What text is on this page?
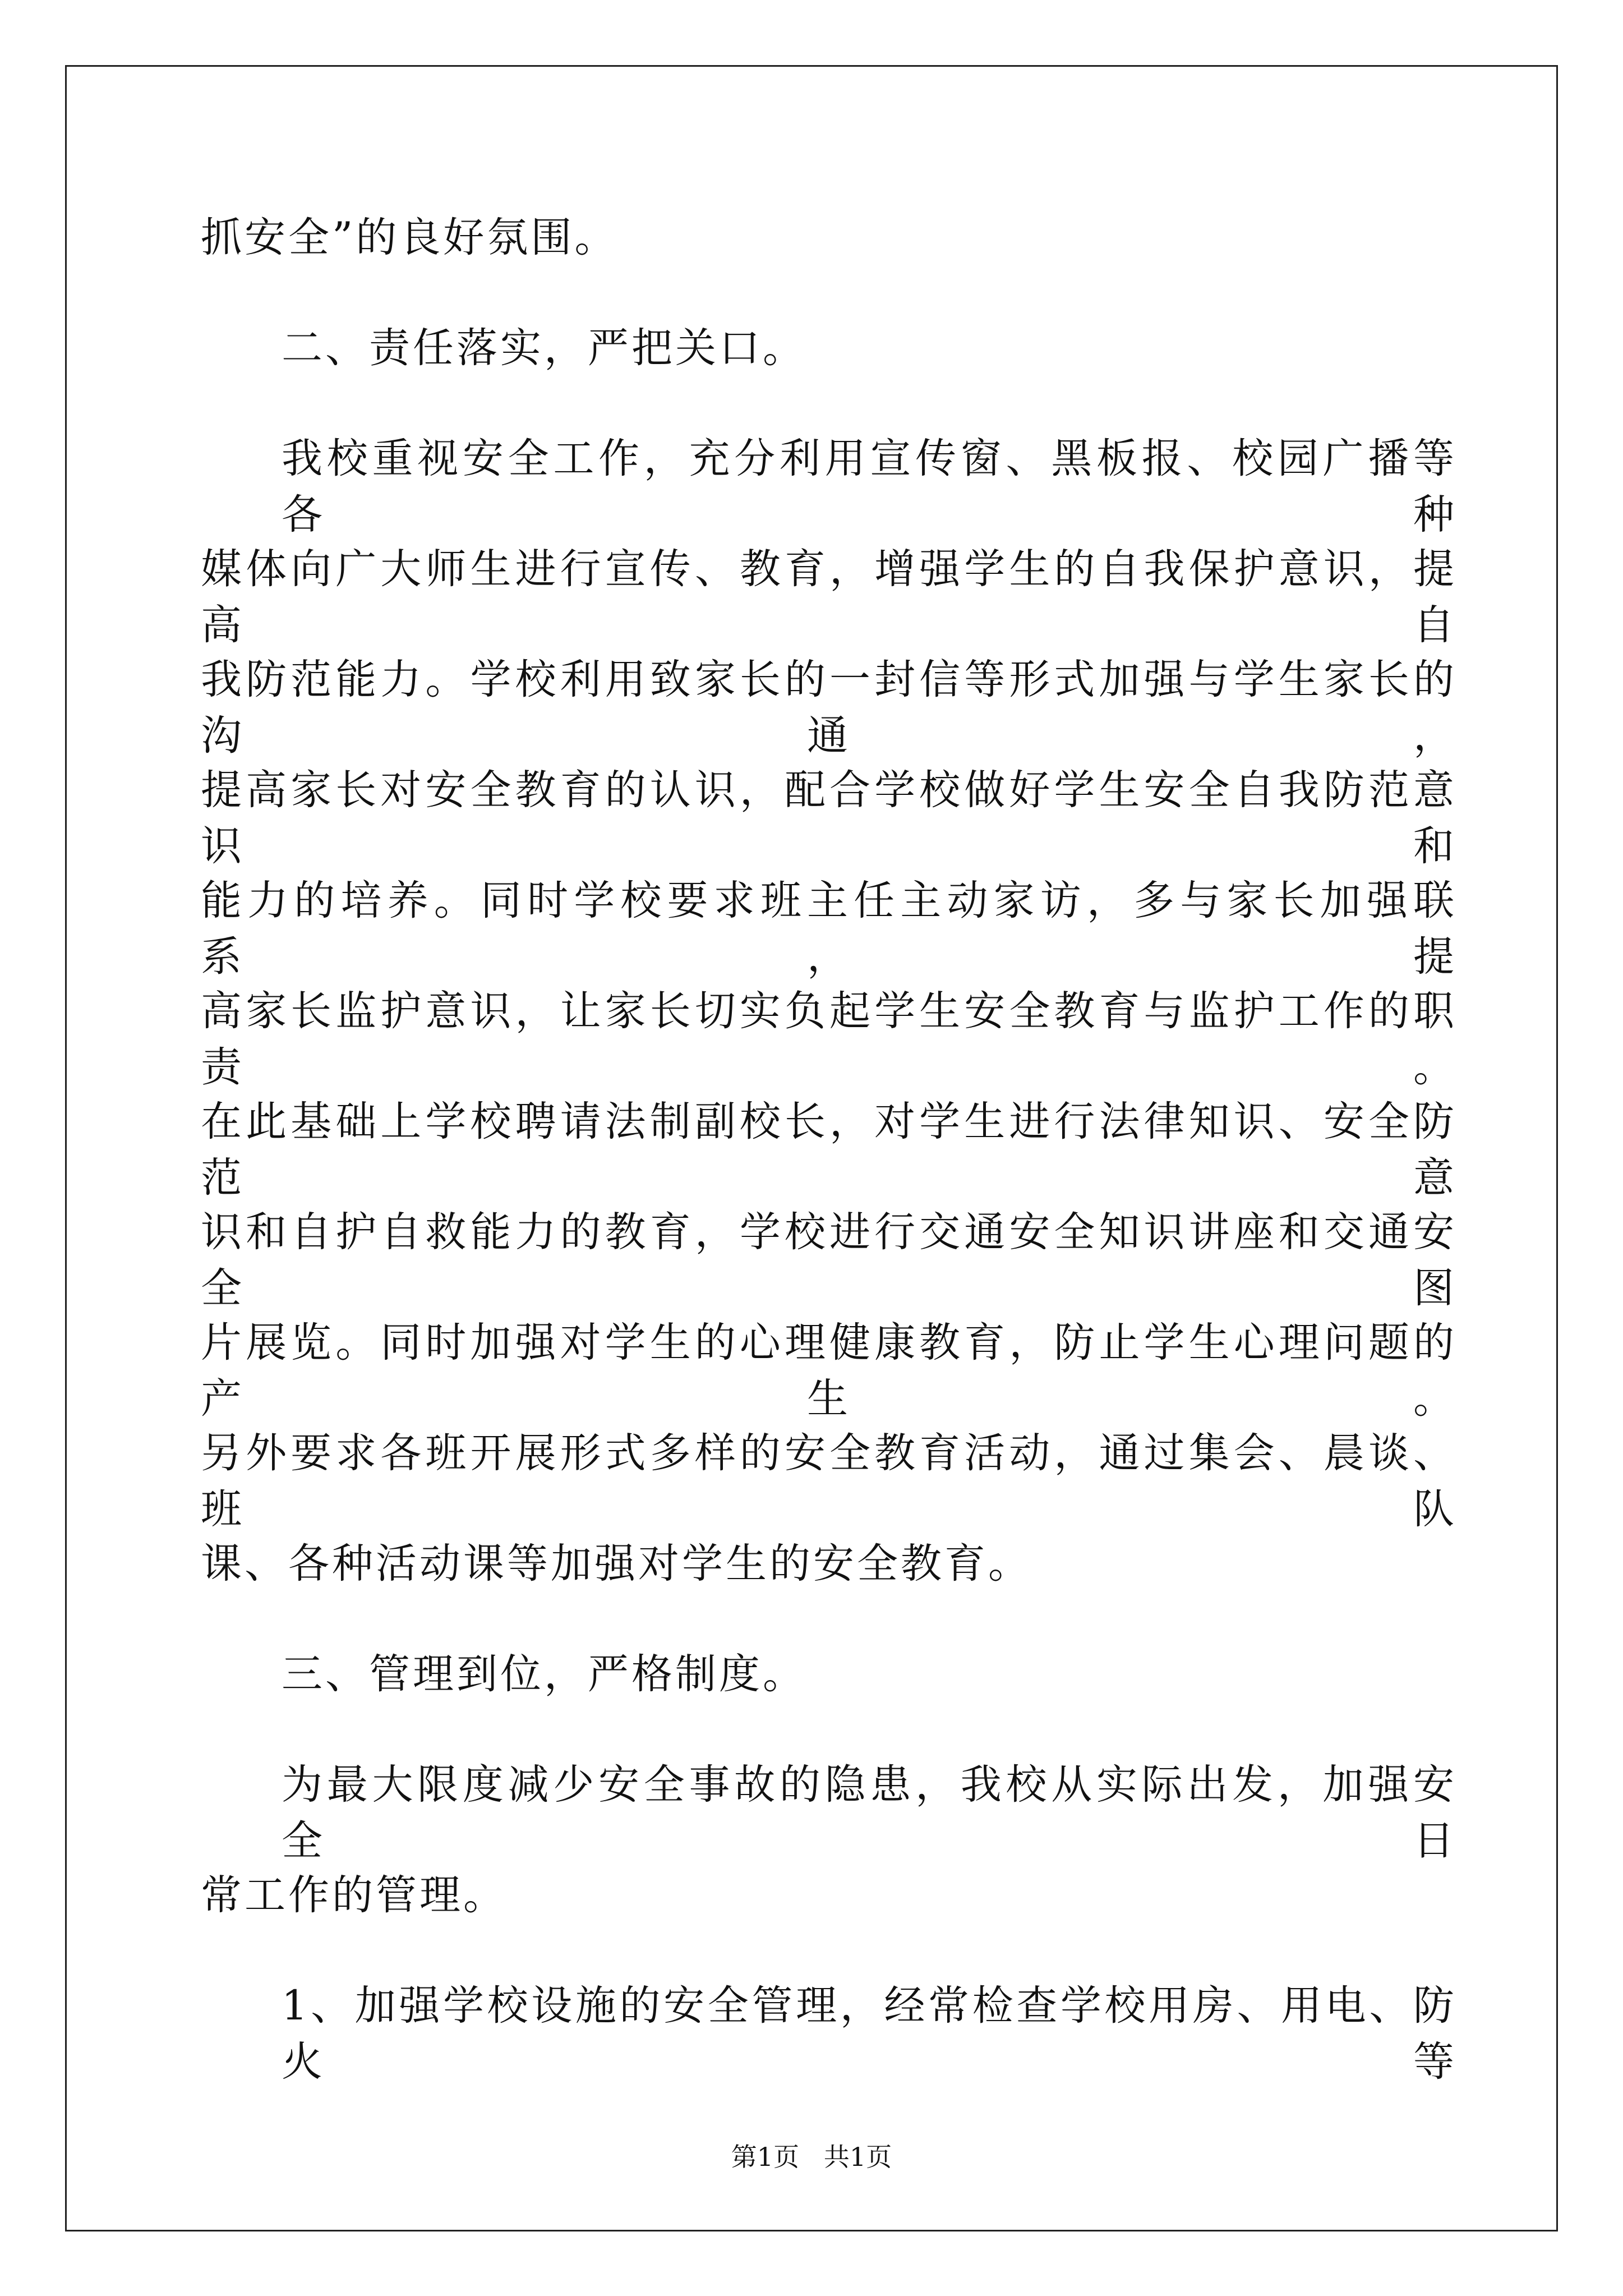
抓安全”的良好氛围。
二、责任落实，严把关口。
我校重视安全工作，充分利用宣传窗、黑板报、校园广播等各种
媒体向广大师生进行宣传、教育，增强学生的自我保护意识，提高自
我防范能力。学校利用致家长的一封信等形式加强与学生家长的沟通，
提高家长对安全教育的认识，配合学校做好学生安全自我防范意识和
能力的培养。同时学校要求班主任主动家访，多与家长加强联系，提
高家长监护意识，让家长切实负起学生安全教育与监护工作的职责。
在此基础上学校聘请法制副校长，对学生进行法律知识、安全防范意
识和自护自救能力的教育，学校进行交通安全知识讲座和交通安全图
片展览。同时加强对学生的心理健康教育，防止学生心理问题的产生。
另外要求各班开展形式多样的安全教育活动，通过集会、晨谈、班队
课、各种活动课等加强对学生的安全教育。
三、管理到位，严格制度。
为最大限度减少安全事故的隐患，我校从实际出发，加强安全日
常工作的管理。
1、加强学校设施的安全管理，经常检查学校用房、用电、防火等
第1页   共1页
